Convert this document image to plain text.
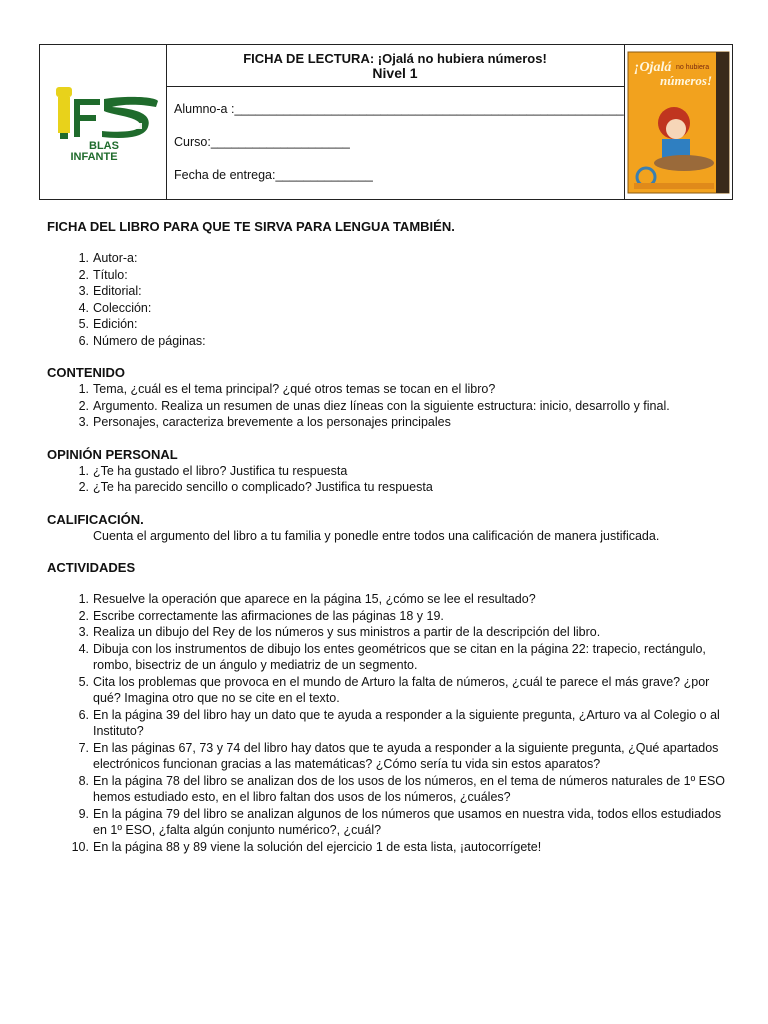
BLAS
INFANTE
FICHA DE LECTURA: ¡Ojalá no hubiera números!
Nivel 1
Alumno-a :________________________________________________________
Curso:____________________
Fecha de entrega:______________
¡Ojalá no hubiera
números!
FICHA DEL LIBRO PARA QUE TE SIRVA PARA LENGUA TAMBIÉN.
1. Autor-a:
2. Título:
3. Editorial:
4. Colección:
5. Edición:
6. Número de páginas:
CONTENIDO
1. Tema, ¿cuál es el tema principal? ¿qué otros temas se tocan en el libro?
2. Argumento. Realiza un resumen de unas diez líneas con la siguiente estructura: inicio, desarrollo y final.
3. Personajes, caracteriza brevemente a los personajes principales
OPINIÓN PERSONAL
1. ¿Te ha gustado el libro? Justifica tu respuesta
2. ¿Te ha parecido sencillo o complicado? Justifica tu respuesta
CALIFICACIÓN.
Cuenta el argumento del libro a tu familia y ponedle entre todos una calificación de manera justificada.
ACTIVIDADES
1. Resuelve la operación que aparece en la página 15, ¿cómo se lee el resultado?
2. Escribe correctamente las afirmaciones de las páginas 18 y 19.
3. Realiza un dibujo del Rey de los números y sus ministros a partir de la descripción del libro.
4. Dibuja con los instrumentos de dibujo los entes geométricos que se citan en la página 22: trapecio, rectángulo, rombo, bisectriz de un ángulo y mediatriz de un segmento.
5. Cita los problemas que provoca en el mundo de Arturo la falta de números, ¿cuál te parece el más grave? ¿por qué? Imagina otro que no se cite en el texto.
6. En la página 39 del libro hay un dato que te ayuda a responder a la siguiente pregunta, ¿Arturo va al Colegio o al Instituto?
7. En las páginas 67, 73 y 74 del libro hay datos que te ayuda a responder a la siguiente pregunta, ¿Qué apartados electrónicos funcionan gracias a las matemáticas? ¿Cómo sería tu vida sin estos aparatos?
8. En la página 78 del libro se analizan dos de los usos de los números, en el tema de números naturales de 1º ESO hemos estudiado esto, en el libro faltan dos usos de los números, ¿cuáles?
9. En la página 79 del libro se analizan algunos de los números que usamos en nuestra vida, todos ellos estudiados en 1º ESO, ¿falta algún conjunto numérico?, ¿cuál?
10. En la página 88 y 89 viene la solución del ejercicio 1 de esta lista, ¡autocorrígete!
